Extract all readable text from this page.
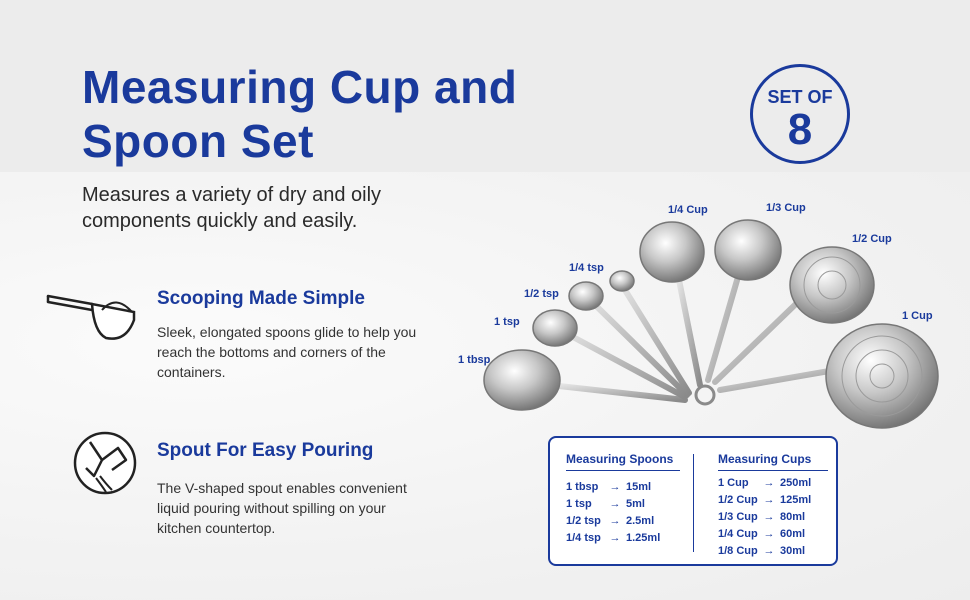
Measuring Cup and
Spoon Set
Measures a variety of dry and oily components quickly and easily.
SET OF
8
Scooping Made Simple
Sleek, elongated spoons glide to help you reach the bottoms and corners of the containers.
Spout For Easy Pouring
The V-shaped spout enables convenient liquid pouring without spilling on your kitchen countertop.
1 tbsp
1 tsp
1/2 tsp
1/4 tsp
1/4 Cup	1/3 Cup
1/2 Cup
1 Cup
Measuring Spoons
1 tbsp → 15ml
1 tsp → 5ml
1/2 tsp → 2.5ml
1/4 tsp → 1.25ml
Measuring Cups
1 Cup → 250ml
1/2 Cup → 125ml
1/3 Cup → 80ml
1/4 Cup → 60ml
1/8 Cup → 30ml
